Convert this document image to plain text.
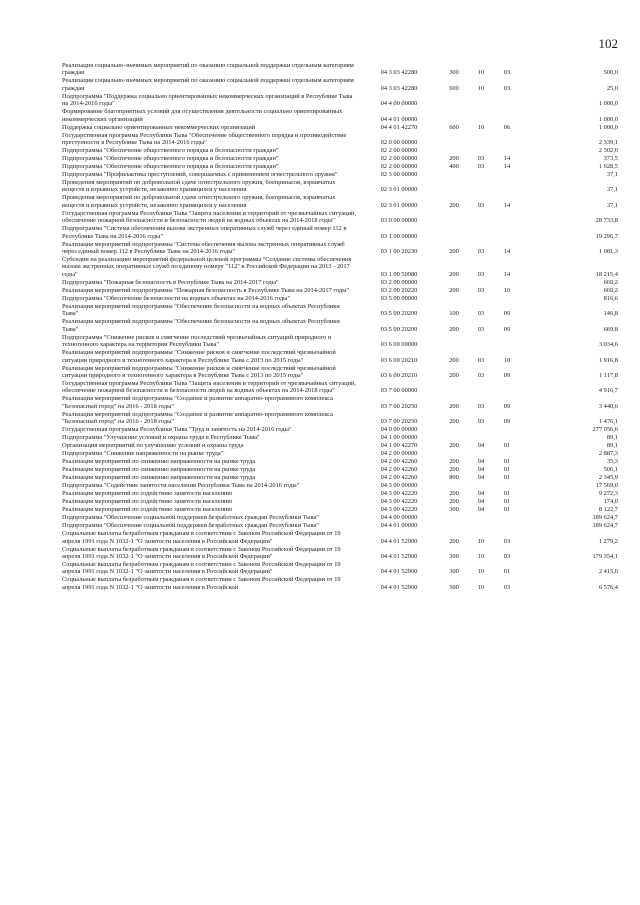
102
Реализация социально-значимых мероприятий по оказанию социальной поддержки отдельным категориям граждан	04 3 03 42280	300	10	03	500,0
Реализация социально-значимых мероприятий по оказанию социальной поддержки отдельным категориям граждан	04 3 03 42280	600	10	03	25,0
Подпрограмма "Поддержка социально ориентированных некоммерческих организаций в Республике Тыва на 2014-2016 годы"	04 4 00 00000				1 000,0
Формирование благоприятных условий для осуществления деятельности социально ориентированных некоммерческих организаций	04 4 01 00000				1 000,0
Поддержка социально ориентированных некоммерческих организаций	04 4 01 42270	600	10	06	1 000,0
Государственная программа Республики Тыва "Обеспечение общественного порядка и противодействие преступности в Республике Тыва на 2014-2016 годы"	02 0 00 00000				2 339,1
Подпрограмма "Обеспечение общественного порядка и безопасности граждан"	02 2 00 00000				2 302,0
Подпрограмма "Обеспечение общественного порядка и безопасности граждан"	02 2 00 00000	200	03	14	373,5
Подпрограмма "Обеспечение общественного порядка и безопасности граждан"	02 2 00 00000	400	03	14	1 928,5
Подпрограмма "Профилактика преступлений, совершаемых с применением огнестрельного оружия"	02 3 00 00000				37,1
Проведения мероприятий по добровольной сдаче огнестрельного оружия, боеприпасов, взрывчатых веществ и взрывных устройств, незаконно хранящихся у населения	02 3 01 00000				37,1
Проведения мероприятий по добровольной сдаче огнестрельного оружия, боеприпасов, взрывчатых веществ и взрывных устройств, незаконно хранящихся у населения	02 3 01 00000	200	03	14	37,1
Государственная программа Республики Тыва "Защита населения и территорий от чрезвычайных ситуаций, обеспечение пожарной безопасности и безопасности людей на водных объектах на 2014-2018 годы"	03 0 00 00000				28 733,8
Подпрограмма "Система обеспечения вызова экстренных оперативных служб через единый номер 112 в Республике Тыва на 2014-2016 годы"	03 1 00 00000				19 296,7
Реализация мероприятий подпрограммы "Система обеспечения вызова экстренных оперативных служб через единый номер 112 в Республике Тыва на 2014-2016 годы"	03 1 00 20230	200	03	14	1 081,3
Субсидии на реализацию мероприятий федеральной целевой программы "Создание системы обеспечения вызова экстренных оперативных служб по единому номеру "112" в Российской Федерации на 2013 - 2017 годы"	03 1 00 50980	200	03	14	18 215,4
Подпрограмма "Пожарная безопасность в Республике Тыва на 2014-2017 годы"	03 2 00 00000				669,2
Реализация мероприятий подпрограммы "Пожарная безопасность в Республике Тыва на 2014-2017 годы"	03 2 00 20220	200	03	10	669,2
Подпрограмма "Обеспечение безопасности на водных объектах на 2014-2016 годы"	03 5 00 00000				816,6
Реализация мероприятий подпрограммы "Обеспечение безопасности на водных объектах Республики Тыва"	03 5 00 20200	100	03	09	146,8
Реализация мероприятий подпрограммы "Обеспечение безопасности на водных объектах Республики Тыва"	03 5 00 20200	200	03	09	669,8
Подпрограмма "Снижение рисков и смягчение последствий чрезвычайных ситуаций природного и техногенного характера на территории Республики Тыва"	03 6 00 00000				3 034,6
Реализация мероприятий подпрограммы "Снижение рисков и смягчение последствий чрезвычайной ситуации природного и техногенного характера в Республике Тыва с 2013 по 2015 годы"	03 6 00 20210	200	03	10	1 916,8
Реализация мероприятий подпрограммы "Снижение рисков и смягчение последствий чрезвычайной ситуации природного и техногенного характера в Республике Тыва с 2013 по 2015 годы"	03 6 00 20210	200	03	09	1 117,8
Государственная программа Республики Тыва "Защита населения и территорий от чрезвычайных ситуаций, обеспечение пожарной безопасности и безопасности людей на водных объектах на 2014-2018 годы"	03 7 00 00000				4 916,7
Реализация мероприятий подпрограммы "Создание и развитие аппаратно-программного комплекса "Безопасный город" на 2016 - 2018 годы"	03 7 00 20250	200	03	09	3 440,6
Реализация мероприятий подпрограммы "Создание и развитие аппаратно-программного комплекса "Безопасный город" на 2016 - 2018 годы"	03 7 00 20250	200	03	09	1 476,1
Государственная программа Республики Тыва "Труд и занятость на 2014-2016 годы"	04 0 00 00000				277 056,6
Подпрограмма "Улучшение условий и охраны труда в Республике Тыва"	04 1 00 00000				89,1
Организация мероприятий по улучшению условий и охраны труда	04 1 00 42270	200	04	01	89,1
Подпрограмма "Снижение напряженности на рынке труда"	04 2 00 00000				2 887,3
Реализация мероприятий по снижению напряженности на рынке труда	04 2 00 42260	200	04	01	35,3
Реализация мероприятий по снижению напряженности на рынке труда	04 2 00 42260	200	04	01	506,1
Реализация мероприятий по снижению напряженности на рынке труда	04 2 00 42260	800	04	01	2 345,9
Подпрограмма "Содействие занятости населения Республики Тыва на 2014-2016 годы"	04 3 00 00000				17 569,0
Реализация мероприятий по содействию занятости населению	04 3 00 42220	200	04	01	9 272,3
Реализация мероприятий по содействию занятости населению	04 3 00 42220	200	04	01	174,0
Реализация мероприятий по содействию занятости населению	04 3 00 42220	300	04	01	8 122,7
Подпрограмма "Обеспечение социальной поддержки безработных граждан Республики Тыва"	04 4 00 00000				189 624,7
Подпрограмма "Обеспечение социальной поддержки безработных граждан Республики Тыва"	04 4 01 00000				189 624,7
Социальные выплаты безработным гражданам в соответствии с Законом Российской Федерации от 19 апреля 1991 года N 1032-1 "О занятости населения в Российской Федерации"	04 4 01 52900	200	10	03	1 279,2
Социальные выплаты безработным гражданам в соответствии с Законом Российской Федерации от 19 апреля 1991 года N 1032-1 "О занятости населения в Российской Федерации"	04 4 01 52900	300	10	03	179 354,1
Социальные выплаты безработным гражданам в соответствии с Законом Российской Федерации от 19 апреля 1991 года N 1032-1 "О занятости населения в Российской Федерации"	04 4 01 52900	300	10	01	2 415,0
Социальные выплаты безработным гражданам в соответствии с Законом Российской Федерации от 19 апреля 1991 года N 1032-1 "О занятости населения в Российской	04 4 01 52900	500	10	03	6 576,4
